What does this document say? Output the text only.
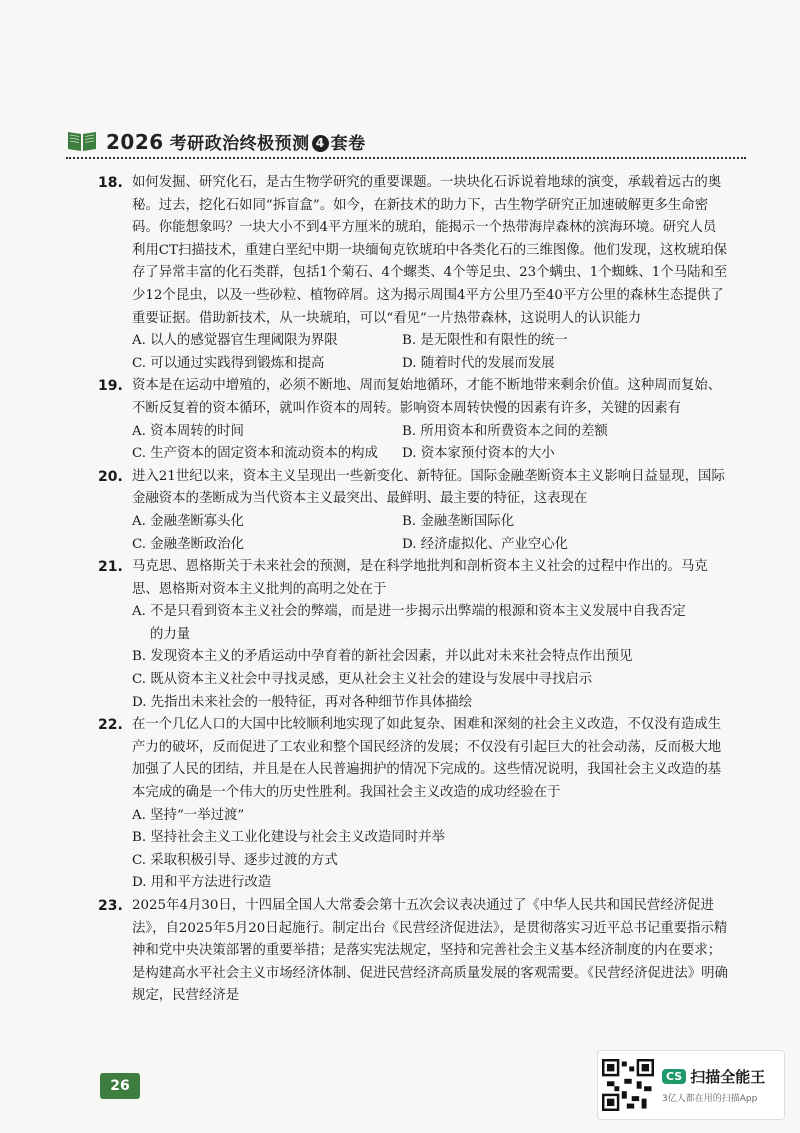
2026 考研政治终极预测 4 套卷
18. 如何发掘、研究化石，是古生物学研究的重要课题。一块块化石诉说着地球的演变，承载着远古的奥秘。过去，挖化石如同“拆盲盒”。如今，在新技术的助力下，古生物学研究正加速破解更多生命密码。你能想象吗？一块大小不到4平方厘米的琥珀，能揭示一个热带海岸森林的滨海环境。研究人员利用CT扫描技术，重建白垩纪中期一块缅甸克钦琥珀中各类化石的三维图像。他们发现，这枚琥珀保存了异常丰富的化石类群，包括1个菊石、4个螺类、4个等足虫、23个螨虫、1个蜘蛛、1个马陆和至少12个昆虫，以及一些砂粒、植物碎屑。这为揭示周围4平方公里乃至40平方公里的森林生态提供了重要证据。借助新技术，从一块琥珀，可以“看见”一片热带森林，这说明人的认识能力
A. 以人的感觉器官生理阈限为界限	B. 是无限性和有限性的统一
C. 可以通过实践得到锻炼和提高	D. 随着时代的发展而发展
19. 资本是在运动中增殖的，必须不断地、周而复始地循环，才能不断地带来剩余价值。这种周而复始、不断反复着的资本循环，就叫作资本的周转。影响资本周转快慢的因素有许多，关键的因素有
A. 资本周转的时间	B. 所用资本和所费资本之间的差额
C. 生产资本的固定资本和流动资本的构成	D. 资本家预付资本的大小
20. 进入21世纪以来，资本主义呈现出一些新变化、新特征。国际金融垄断资本主义影响日益显现，国际金融资本的垄断成为当代资本主义最突出、最鲜明、最主要的特征，这表现在
A. 金融垄断寡头化	B. 金融垄断国际化
C. 金融垄断政治化	D. 经济虚拟化、产业空心化
21. 马克思、恩格斯关于未来社会的预测，是在科学地批判和剖析资本主义社会的过程中作出的。马克思、恩格斯对资本主义批判的高明之处在于
A. 不是只看到资本主义社会的弊端，而是进一步揭示出弊端的根源和资本主义发展中自我否定
的力量
B. 发现资本主义的矛盾运动中孕育着的新社会因素，并以此对未来社会特点作出预见
C. 既从资本主义社会中寻找灵感，更从社会主义社会的建设与发展中寻找启示
D. 先指出未来社会的一般特征，再对各种细节作具体描绘
22. 在一个几亿人口的大国中比较顺利地实现了如此复杂、困难和深刻的社会主义改造，不仅没有造成生产力的破坏，反而促进了工农业和整个国民经济的发展；不仅没有引起巨大的社会动荡，反而极大地加强了人民的团结，并且是在人民普遍拥护的情况下完成的。这些情况说明，我国社会主义改造的基本完成的确是一个伟大的历史性胜利。我国社会主义改造的成功经验在于
A. 坚持“一举过渡”
B. 坚持社会主义工业化建设与社会主义改造同时并举
C. 采取积极引导、逐步过渡的方式
D. 用和平方法进行改造
23. 2025年4月30日，十四届全国人大常委会第十五次会议表决通过了《中华人民共和国民营经济促进法》，自2025年5月20日起施行。制定出台《民营经济促进法》，是贯彻落实习近平总书记重要指示精神和党中央决策部署的重要举措；是落实宪法规定，坚持和完善社会主义基本经济制度的内在要求；是构建高水平社会主义市场经济体制、促进民营经济高质量发展的客观需要。《民营经济促进法》明确规定，民营经济是
26
CS 扫描全能王
3亿人都在用的扫描App
